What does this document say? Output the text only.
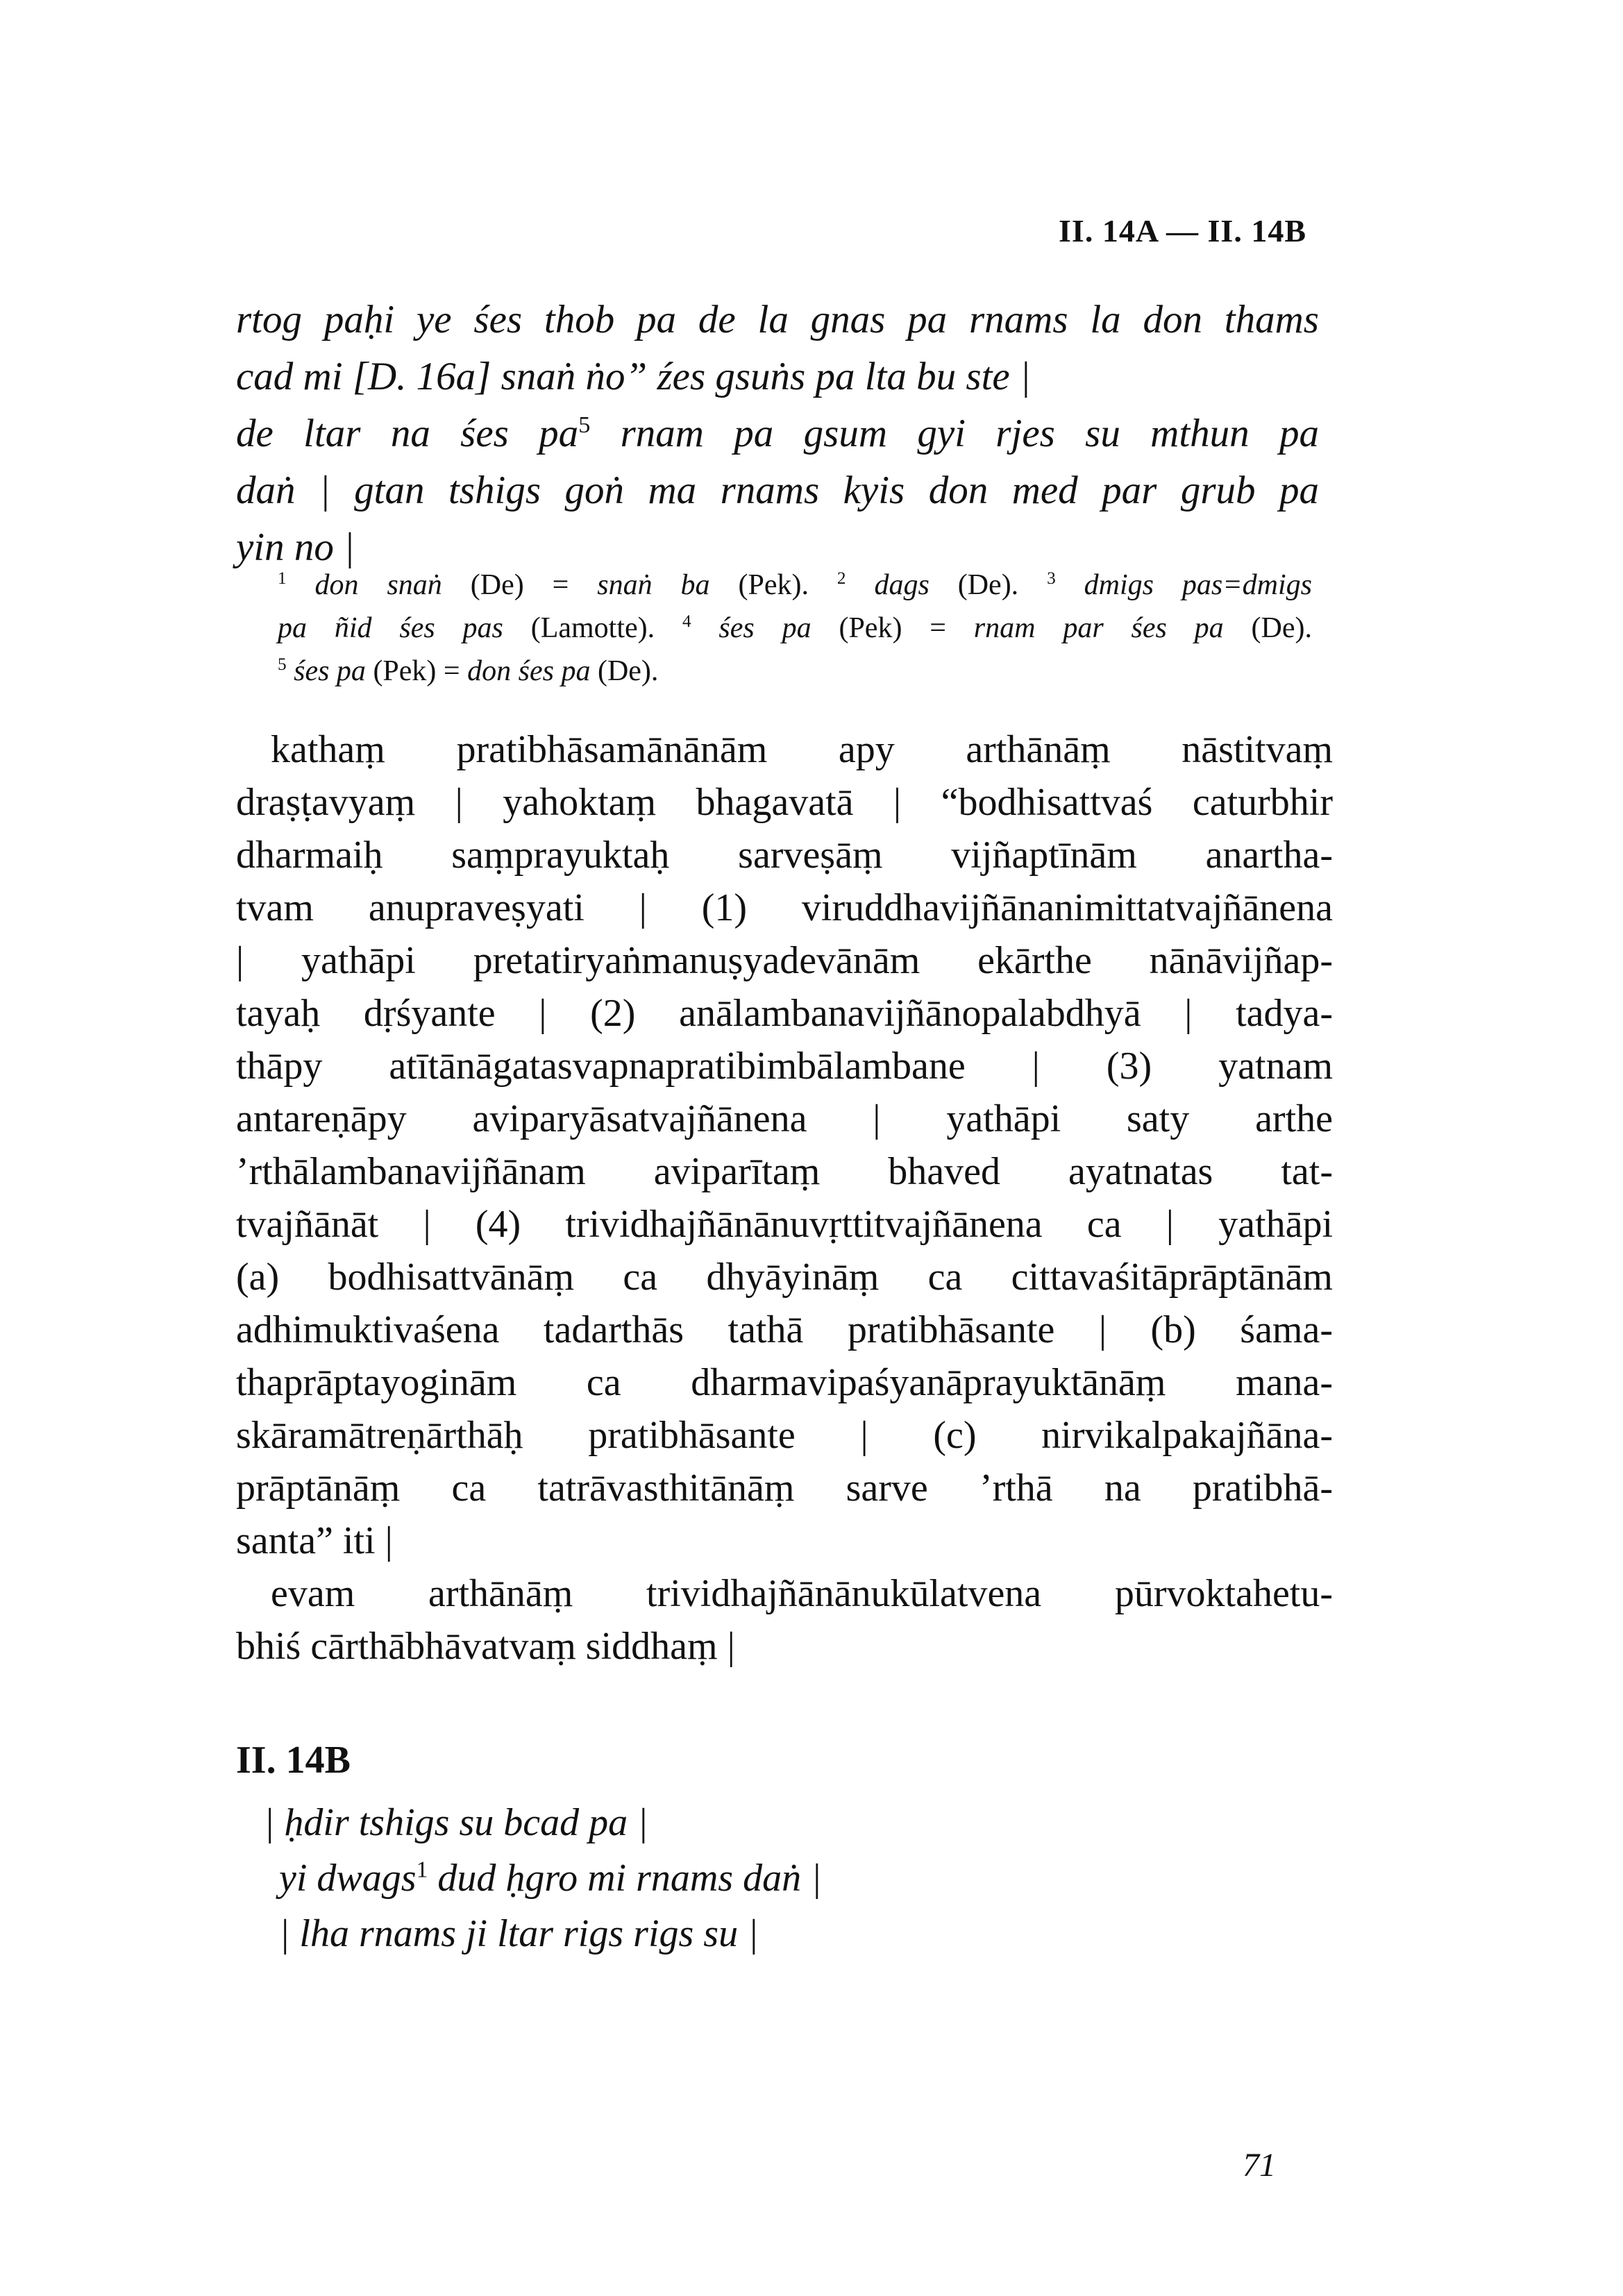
II. 14A — II. 14B
rtog paḥi ye śes thob pa de la gnas pa rnams la don thams
cad mi [D. 16a] snaṅ ṅo” źes gsuṅs pa lta bu ste |
de ltar na śes $pa^5$ rnam pa gsum gyi rjes su mthun pa
daṅ | gtan tshigs goṅ ma rnams kyis don med par grub pa
yin no |
$^1$ don snaṅ (De) = snaṅ ba (Pek). $^2$ dags (De). $^3$ dmigs pas=dmigs
pa ñid śes pas (Lamotte). $^4$ śes pa (Pek) = rnam par śes pa (De).
$^5$ śes pa (Pek) = don śes pa (De).
kathaṃ pratibhāsamānānām apy arthānāṃ nāstitvaṃ
draṣṭavyaṃ | yahoktaṃ bhagavatā | “bodhisattvaś caturbhir
dharmaiḥ saṃprayuktaḥ sarveṣāṃ vijñaptīnām anartha-
tvam anupraveṣyati | (1) viruddhavijñānanimittatvajñānena
| yathāpi pretatiryaṅmanuṣyadevānām ekārthe nānāvijñap-
tayaḥ dṛśyante | (2) anālambanavijñānopalabdhyā | tadya-
thāpy atītānāgatasvapnapratibimbālambane | (3) yatnam
antareṇāpy aviparyāsatvajñānena | yathāpi saty arthe
’rthālambanavijñānam aviparītaṃ bhaved ayatnatas tat-
tvajñānāt | (4) trividhajñānānuvṛttitvajñānena ca | yathāpi
(a) bodhisattvānāṃ ca dhyāyināṃ ca cittavaśitāprāptānām
adhimuktivaśena tadarthās tathā pratibhāsante | (b) śama-
thaprāptayoginām ca dharmavipaśyanāprayuktānāṃ mana-
skāramātreṇārthāḥ pratibhāsante | (c) nirvikalpakajñāna-
prāptānāṃ ca tatrāvasthitānāṃ sarve ’rthā na pratibhā-
santa” iti |
evam arthānāṃ trividhajñānānukūlatvena pūrvoktahetu-
bhiś cārthābhāvatvaṃ siddhaṃ |
II. 14B
| ḥdir tshigs su bcad pa |
yi dwags$^1$ dud ḥgro mi rnams daṅ |
| lha rnams ji ltar rigs rigs su |
71
